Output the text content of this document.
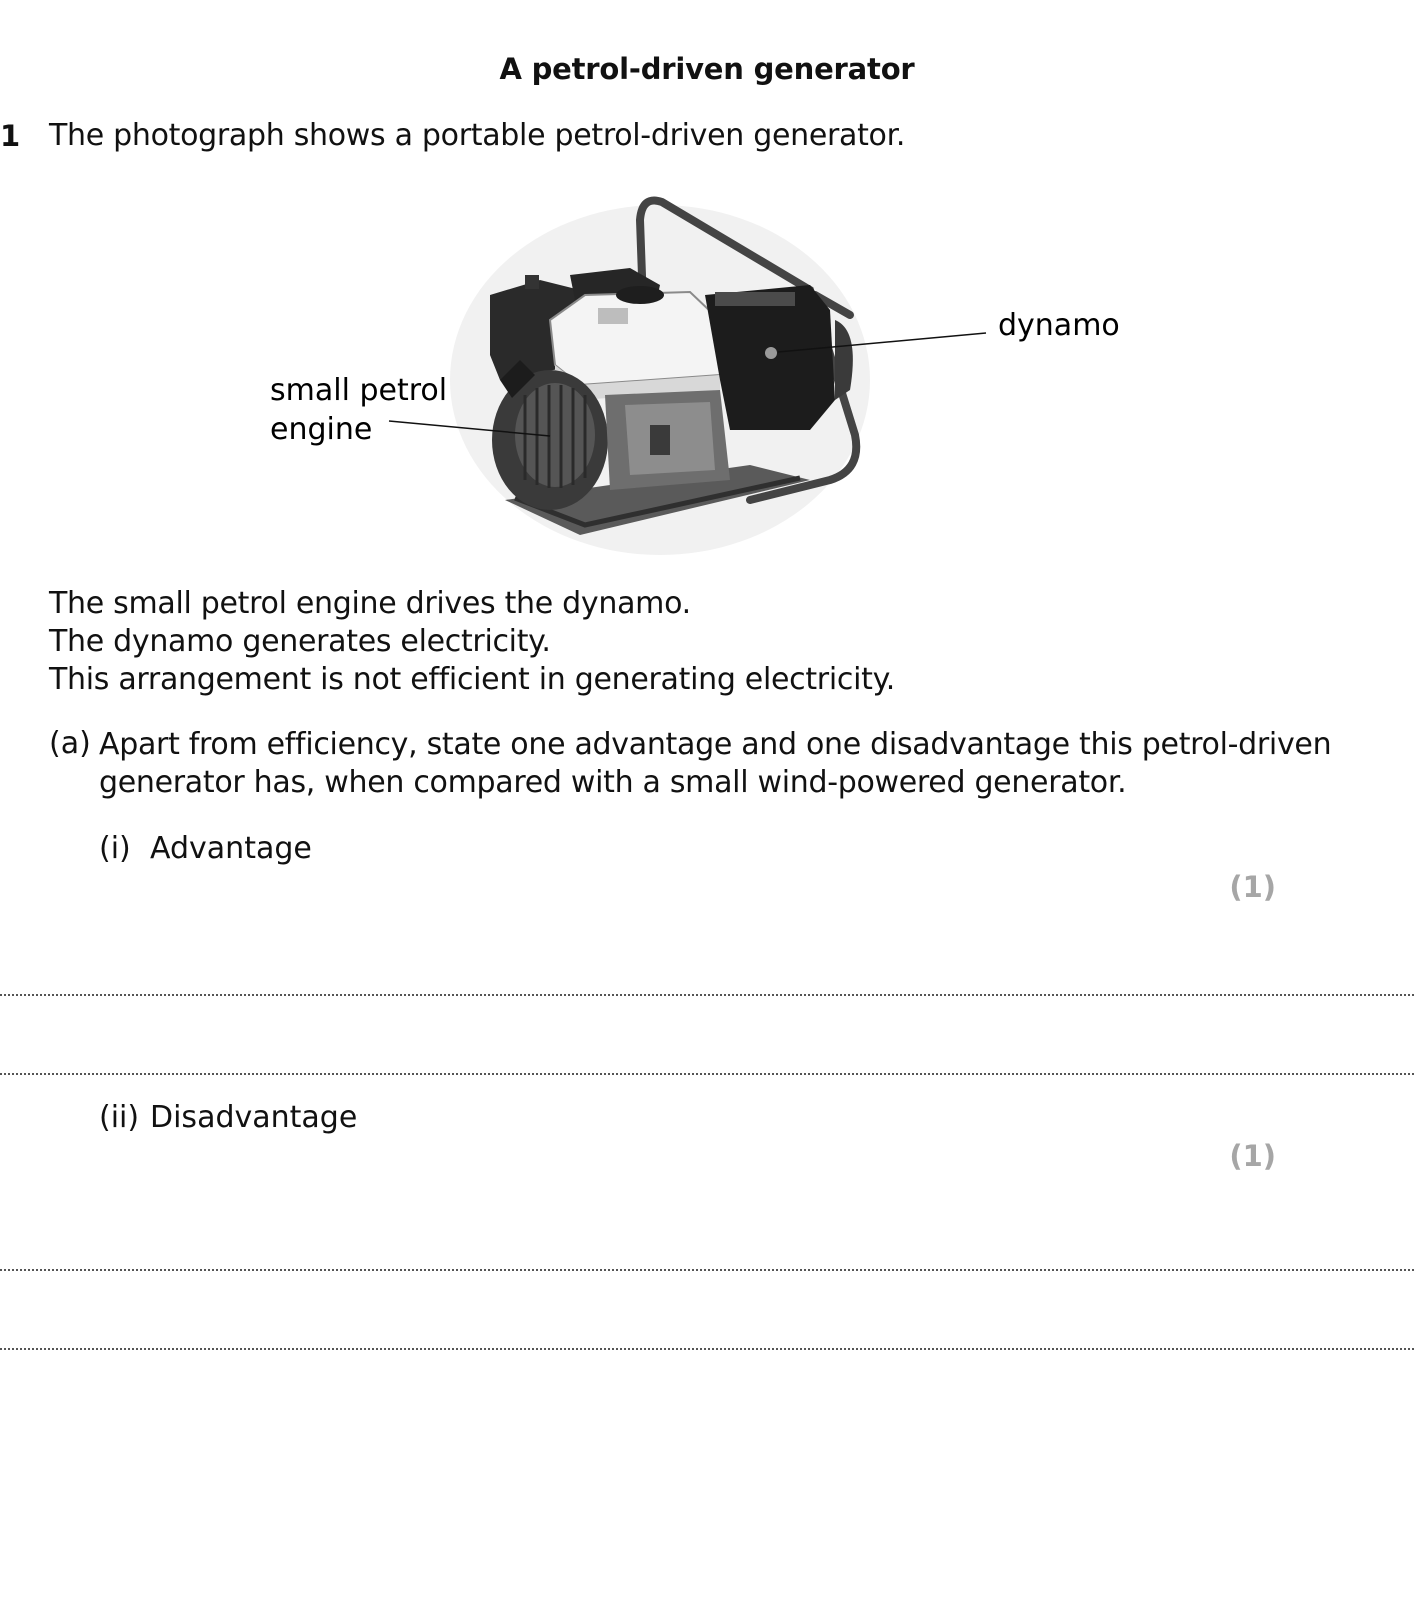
A petrol-driven generator

1 The photograph shows a portable petrol-driven generator.

small petrol
engine
dynamo

The small petrol engine drives the dynamo.

The dynamo generates electricity.

This arrangement is not efficient in generating electricity.

(a) Apart from efficiency, state one advantage and one disadvantage this petrol-driven

generator has, when compared with a small wind-powered generator.

(i) Advantage

(1)

(ii) Disadvantage

(1)
